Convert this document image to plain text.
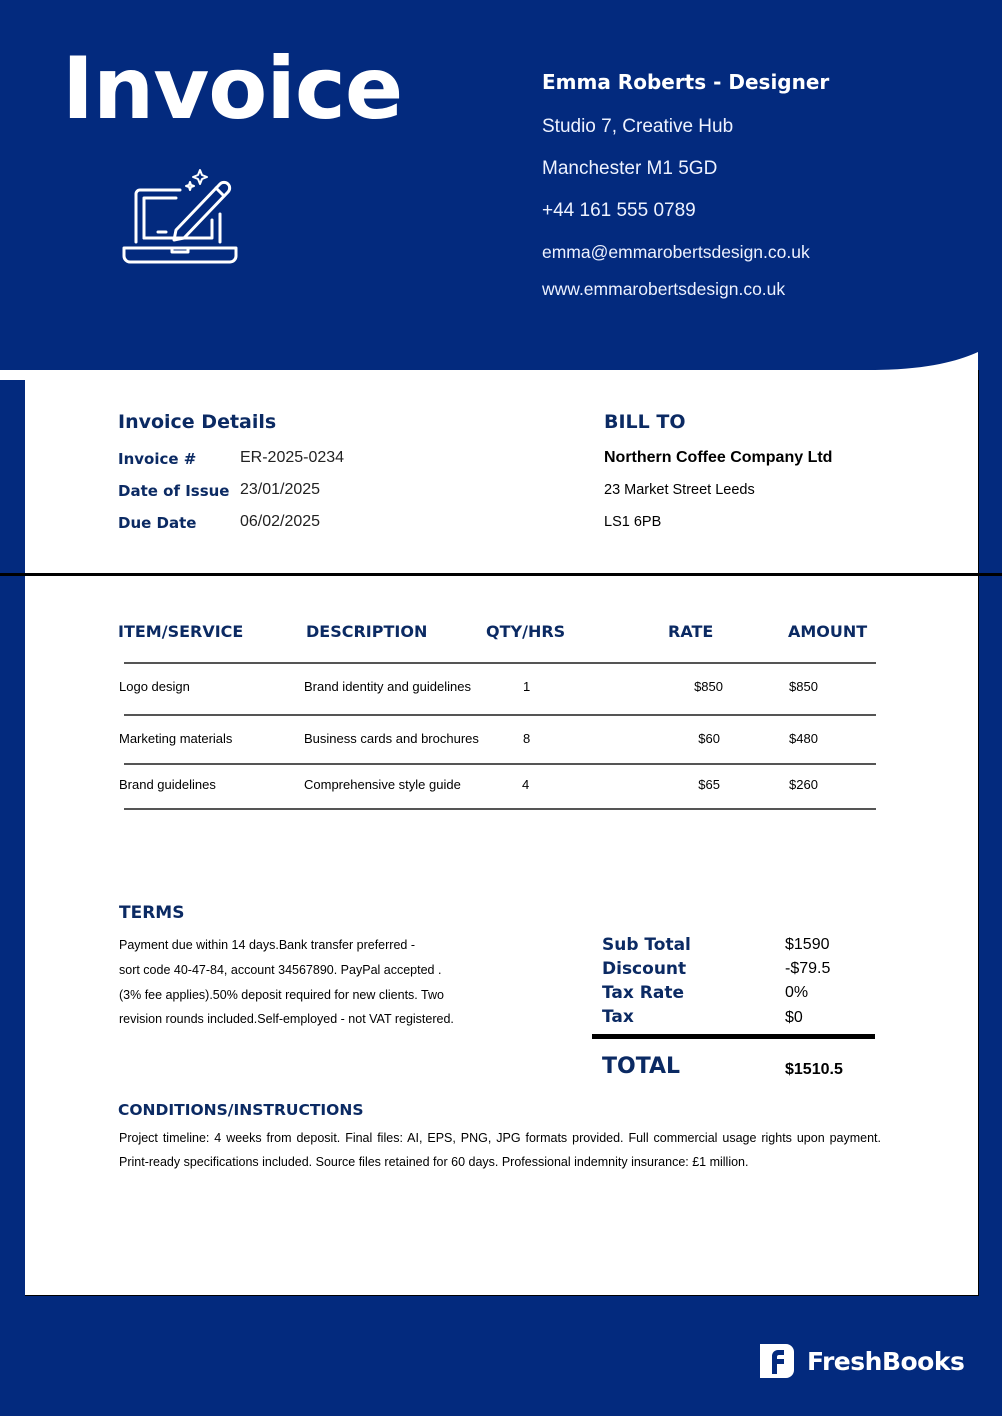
Invoice	Emma Roberts - Designer

Studio 7, Creative Hub
Manchester M1 5GD
+44 161 555 0789
emma@emmarobertsdesign.co.uk
www.emmarobertsdesign.co.uk
Invoice Details
Invoice #	ER-2025-0234
Date of Issue 23/01/2025
Due Date	06/02/2025
BILL TO
Northern Coffee Company Ltd
23 Market Street Leeds
LS1 6PB
ITEM/SERVICE	DESCRIPTION	QTY/HRS	RATE	AMOUNT
Logo design	Brand identity and guidelines	1	$850	$850
Marketing materials	Business cards and brochures	8	$60	$480
Brand guidelines	Comprehensive style guide	4	$65	$260
TERMS
Payment due within 14 days.Bank transfer preferred -
sort code 40-47-84, account 34567890. PayPal accepted .
(3% fee applies).50% deposit required for new clients. Two
revision rounds included.Self-employed - not VAT registered.
Sub Total	$1590
Discount	-$79.5
Tax Rate	0%
Tax	$0
TOTAL	$1510.5
CONDITIONS/INSTRUCTIONS

Project timeline: 4 weeks from deposit. Final files: AI, EPS, PNG, JPG formats provided. Full commercial usage rights upon payment. Print-ready specifications included. Source files retained for 60 days. Professional indemnity insurance: £1 million.

FreshBooks
